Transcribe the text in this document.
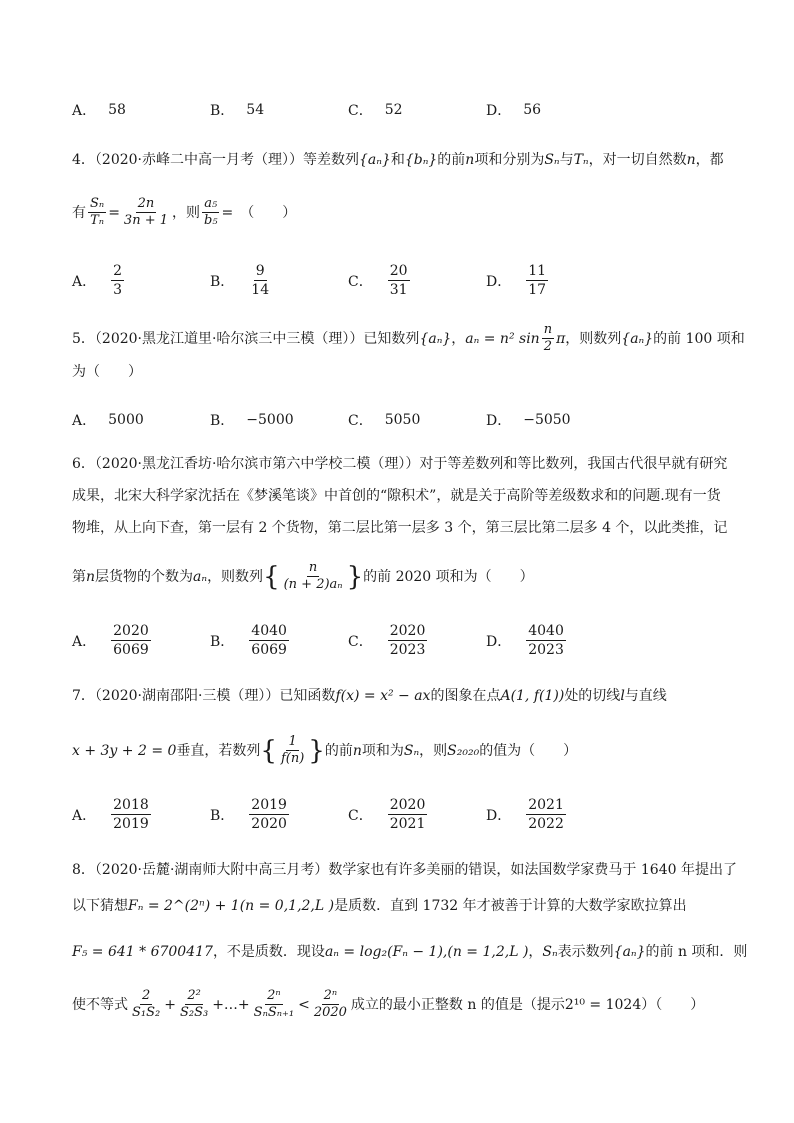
A． 58	B． 54	C． 52	D． 56
4．（2020·赤峰二中高一月考（理））等差数列{aₙ}和{bₙ}的前n项和分别为Sₙ与Tₙ，对一切自然数n，都
有 $\frac{\text{Sₙ}}{\text{Tₙ}} = \frac{2n}{3n + 1}$ ，则 $\frac{\text{a₅}}{\text{b₅}}$ =　（　　）
A． $\frac{2}{3}$	B． $\frac{9}{14}$	C． $\frac{20}{31}$	D． $\frac{11}{17}$
5．（2020·黑龙江道里·哈尔滨三中三模（理））已知数列 {aₙ} ， aₙ = n² $\sin \frac{n}{2}$ π ，则数列 {aₙ} 的前 100 项和
为（　　）
A． 5000	B． −5000	C． 5050	D． −5050
6．（2020·黑龙江香坊·哈尔滨市第六中学校二模（理））对于等差数列和等比数列，我国古代很早就有研究
成果，北宋大科学家沈括在《梦溪笔谈》中首创的“隙积术”，就是关于高阶等差级数求和的问题.现有一货
物堆，从上向下查，第一层有 2 个货物，第二层比第一层多 3 个，第三层比第二层多 4 个，以此类推，记
第 n 层货物的个数为 aₙ ，则数列 { $\frac{n}{\text{(n + 2)aₙ}}$ } 的前 2020 项和为（　　）
A． $\frac{2020}{6069}$	B． $\frac{4040}{6069}$	C． $\frac{2020}{2023}$	D． $\frac{4040}{2023}$
7．（2020·湖南邵阳·三模（理））已知函数f(x) = x² − ax的图象在点A(1, f(1))处的切线l与直线
x + 3y + 2 = 0 垂直，若数列 { $\frac{1}{f(n)}$ } 的前 n 项和为 Sₙ ，则 S₂₀₂₀ 的值为（　　）
A． $\frac{2018}{2019}$	B． $\frac{2019}{2020}$	C． $\frac{2020}{2021}$	D． $\frac{2021}{2022}$
8．（2020·岳麓·湖南师大附中高三月考）数学家也有许多美丽的错误，如法国数学家费马于 1640 年提出了
以下猜想Fₙ = 2^(2ⁿ) + 1(n = 0,1,2,L )是质数．直到 1732 年才被善于计算的大数学家欧拉算出
F₅ = 641 * 6700417，不是质数．现设aₙ = log₂(Fₙ − 1),(n = 1,2,L )，Sₙ表示数列{aₙ}的前 n 项和．则
使不等式 $\frac{2}{\text{S₁S₂}} + \frac{\text{2²}}{\text{S₂S₃}}$ +…+ $\frac{\text{2ⁿ}}{\text{SₙSₙ₊₁}} < \frac{\text{2ⁿ}}{2020}$ 成立的最小正整数 n 的值是（提示 2¹⁰ = 1024 ）（　　）
